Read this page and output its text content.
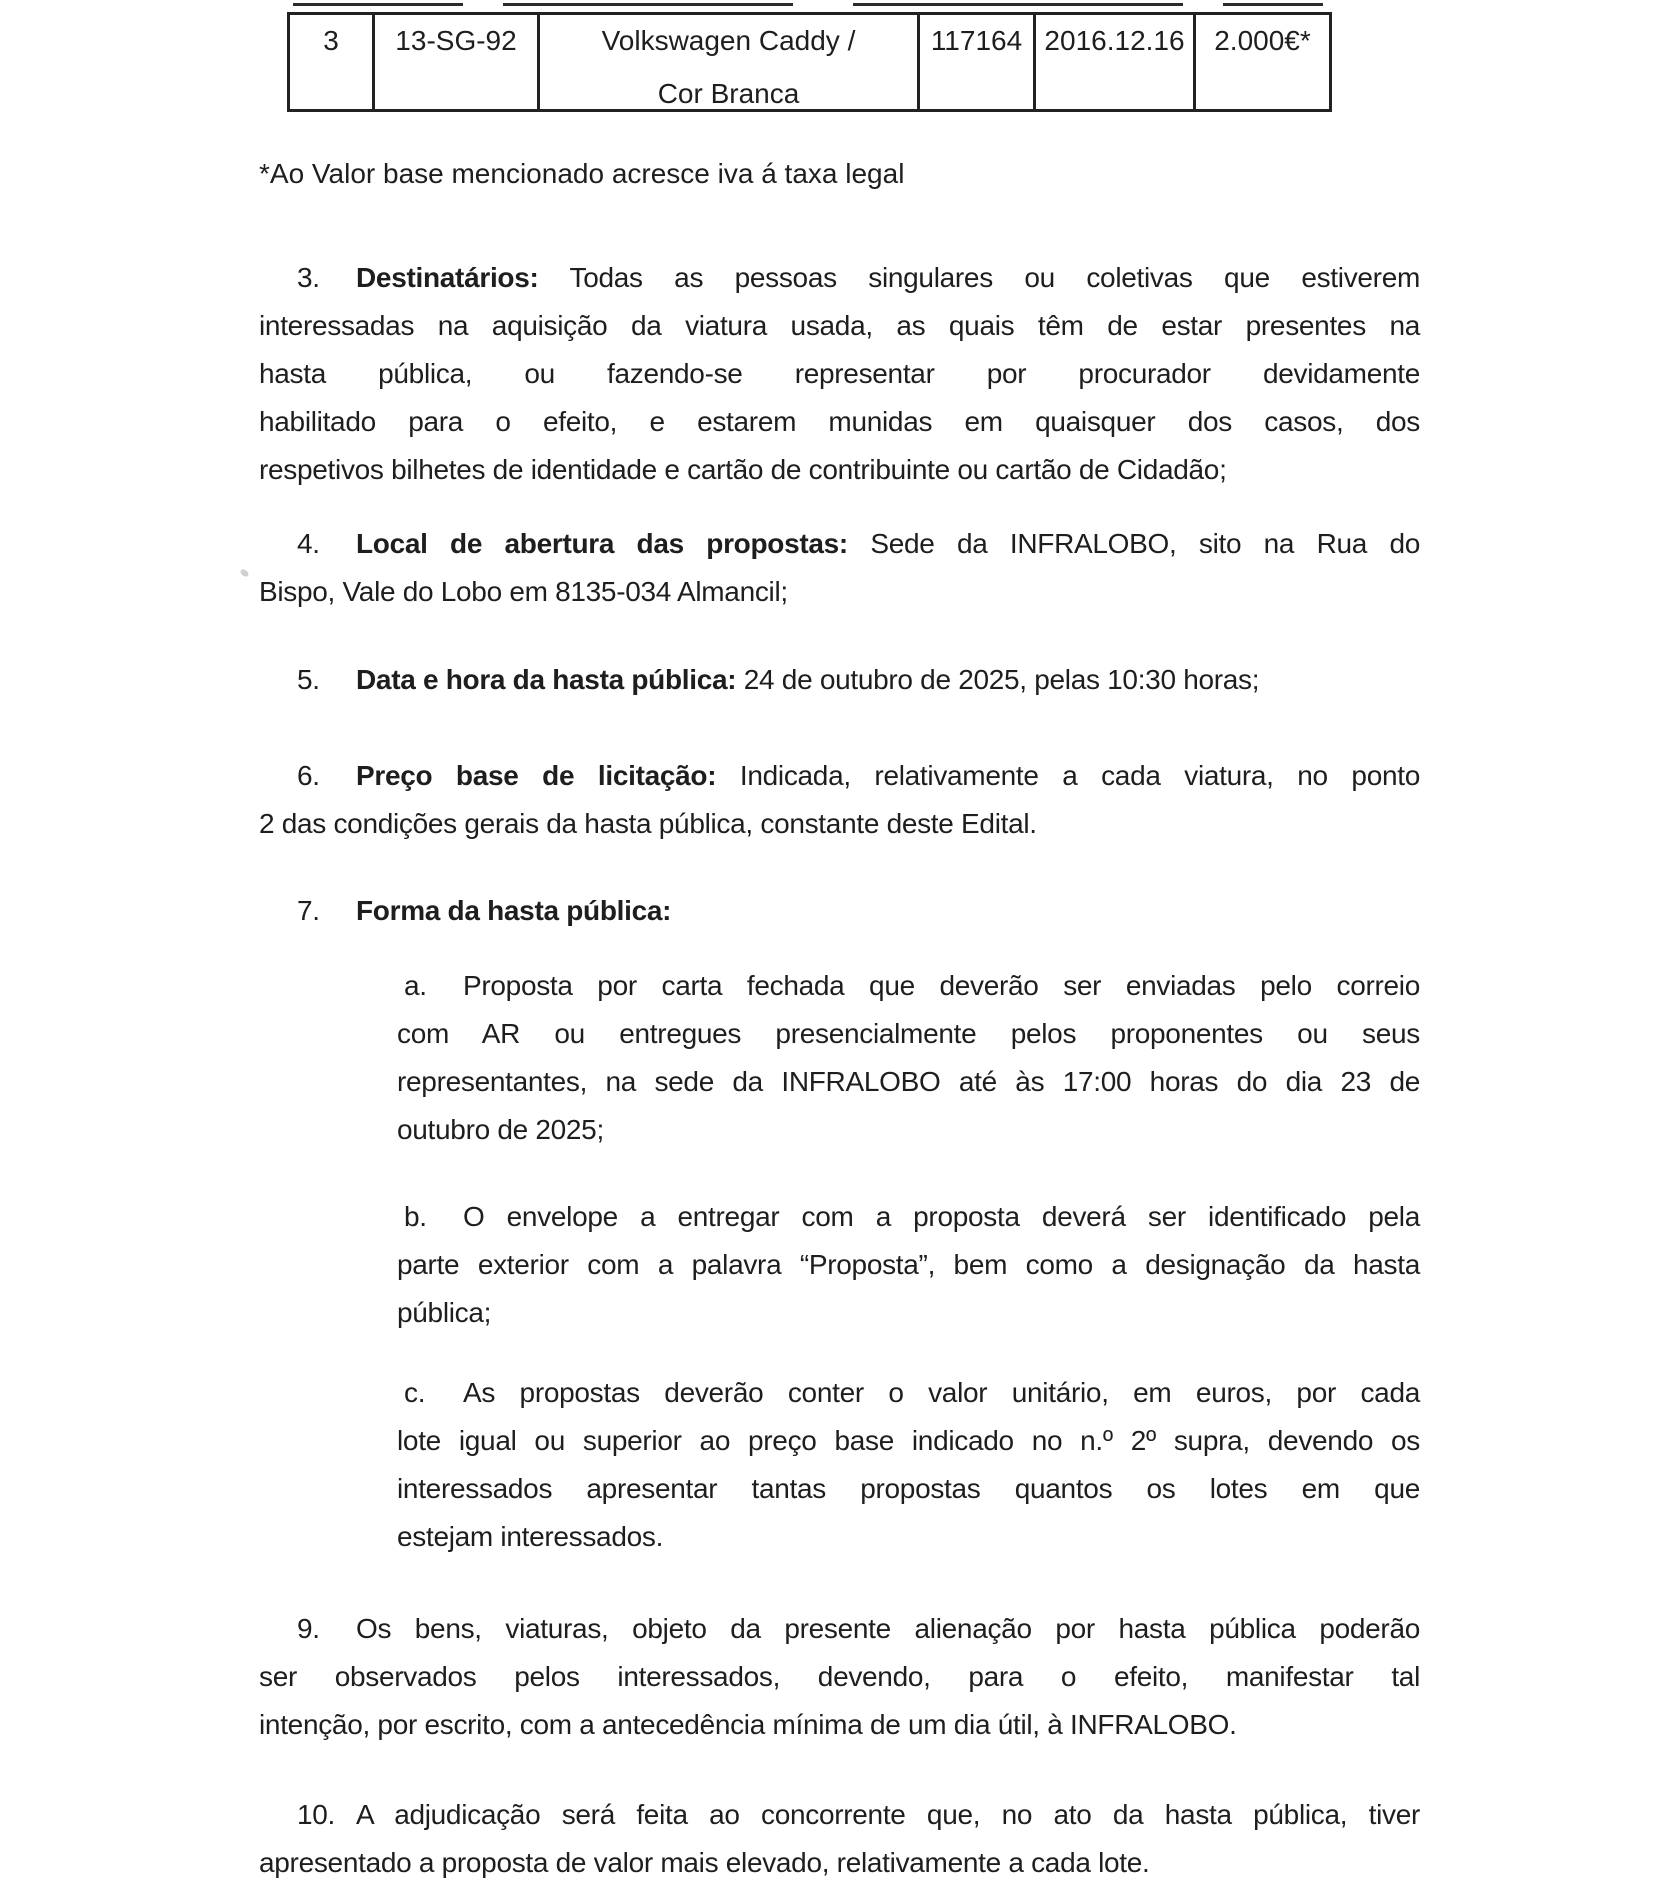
3	13-SG-92	Volkswagen Caddy /
Cor Branca
117164 2016.12.16	2.000€*
*Ao Valor base mencionado acresce iva á taxa legal
3. Destinatários: Todas as pessoas singulares ou coletivas que estiverem
interessadas na aquisição da viatura usada, as quais têm de estar presentes na
hasta pública, ou fazendo-se representar por procurador devidamente
habilitado para o efeito, e estarem munidas em quaisquer dos casos, dos
respetivos bilhetes de identidade e cartão de contribuinte ou cartão de Cidadão;
4. Local de abertura das propostas: Sede da INFRALOBO, sito na Rua do
Bispo, Vale do Lobo em 8135-034 Almancil;
5. Data e hora da hasta pública: 24 de outubro de 2025, pelas 10:30 horas;
6. Preço base de licitação: Indicada, relativamente a cada viatura, no ponto
2 das condições gerais da hasta pública, constante deste Edital.
7. Forma da hasta pública:
a. Proposta por carta fechada que deverão ser enviadas pelo correio
com AR ou entregues presencialmente pelos proponentes ou seus
representantes, na sede da INFRALOBO até às 17:00 horas do dia 23 de
outubro de 2025;
b. O envelope a entregar com a proposta deverá ser identificado pela
parte exterior com a palavra “Proposta”, bem como a designação da hasta
pública;
c. As propostas deverão conter o valor unitário, em euros, por cada
lote igual ou superior ao preço base indicado no n.º 2º supra, devendo os
interessados apresentar tantas propostas quantos os lotes em que
estejam interessados.
9. Os bens, viaturas, objeto da presente alienação por hasta pública poderão
ser observados pelos interessados, devendo, para o efeito, manifestar tal
intenção, por escrito, com a antecedência mínima de um dia útil, à INFRALOBO.
10. A adjudicação será feita ao concorrente que, no ato da hasta pública, tiver
apresentado a proposta de valor mais elevado, relativamente a cada lote.
